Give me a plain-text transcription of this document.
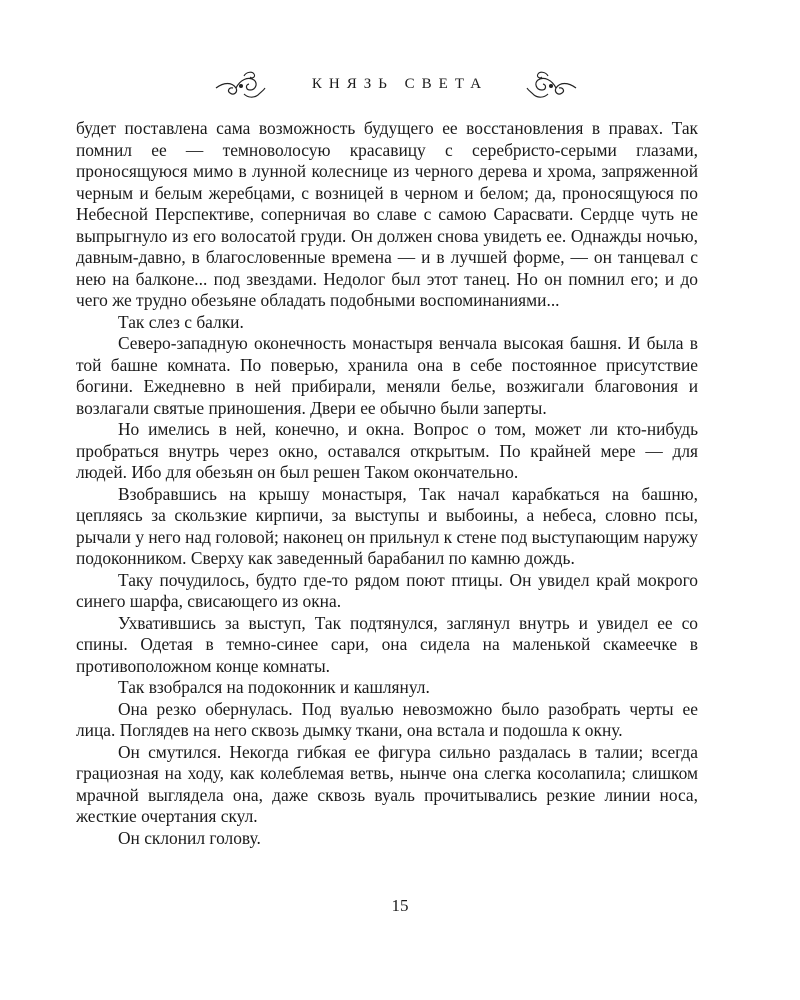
КНЯЗЬ СВЕТА

будет поставлена сама возможность будущего ее восстановления в правах. Так помнил ее — темноволосую красавицу с серебристо-серыми глазами, проносящуюся мимо в лунной колеснице из черного дерева и хрома, запряженной черным и белым жеребцами, с возницей в черном и белом; да, проносящуюся по Небесной Перспективе, соперничая во славе с самою Сарасвати. Сердце чуть не выпрыгнуло из его волосатой груди. Он должен снова увидеть ее. Однажды ночью, давным-давно, в благословенные времена — и в лучшей форме, — он танцевал с нею на балконе... под звездами. Недолог был этот танец. Но он помнил его; и до чего же трудно обезьяне обладать подобными воспоминаниями...

Так слез с балки.

Северо-западную оконечность монастыря венчала высокая башня. И была в той башне комната. По поверью, хранила она в себе постоянное присутствие богини. Ежедневно в ней прибирали, меняли белье, возжигали благовония и возлагали святые приношения. Двери ее обычно были заперты.

Но имелись в ней, конечно, и окна. Вопрос о том, может ли кто-нибудь пробраться внутрь через окно, оставался открытым. По крайней мере — для людей. Ибо для обезьян он был решен Таком окончательно.

Взобравшись на крышу монастыря, Так начал карабкаться на башню, цепляясь за скользкие кирпичи, за выступы и выбоины, а небеса, словно псы, рычали у него над головой; наконец он прильнул к стене под выступающим наружу подоконником. Сверху как заведенный барабанил по камню дождь.

Таку почудилось, будто где-то рядом поют птицы. Он увидел край мокрого синего шарфа, свисающего из окна.

Ухватившись за выступ, Так подтянулся, заглянул внутрь и увидел ее со спины. Одетая в темно-синее сари, она сидела на маленькой скамеечке в противоположном конце комнаты.

Так взобрался на подоконник и кашлянул.

Она резко обернулась. Под вуалью невозможно было разобрать черты ее лица. Поглядев на него сквозь дымку ткани, она встала и подошла к окну.

Он смутился. Некогда гибкая ее фигура сильно раздалась в талии; всегда грациозная на ходу, как колеблемая ветвь, нынче она слегка косолапила; слишком мрачной выглядела она, даже сквозь вуаль прочитывались резкие линии носа, жесткие очертания скул.

Он склонил голову.

15
